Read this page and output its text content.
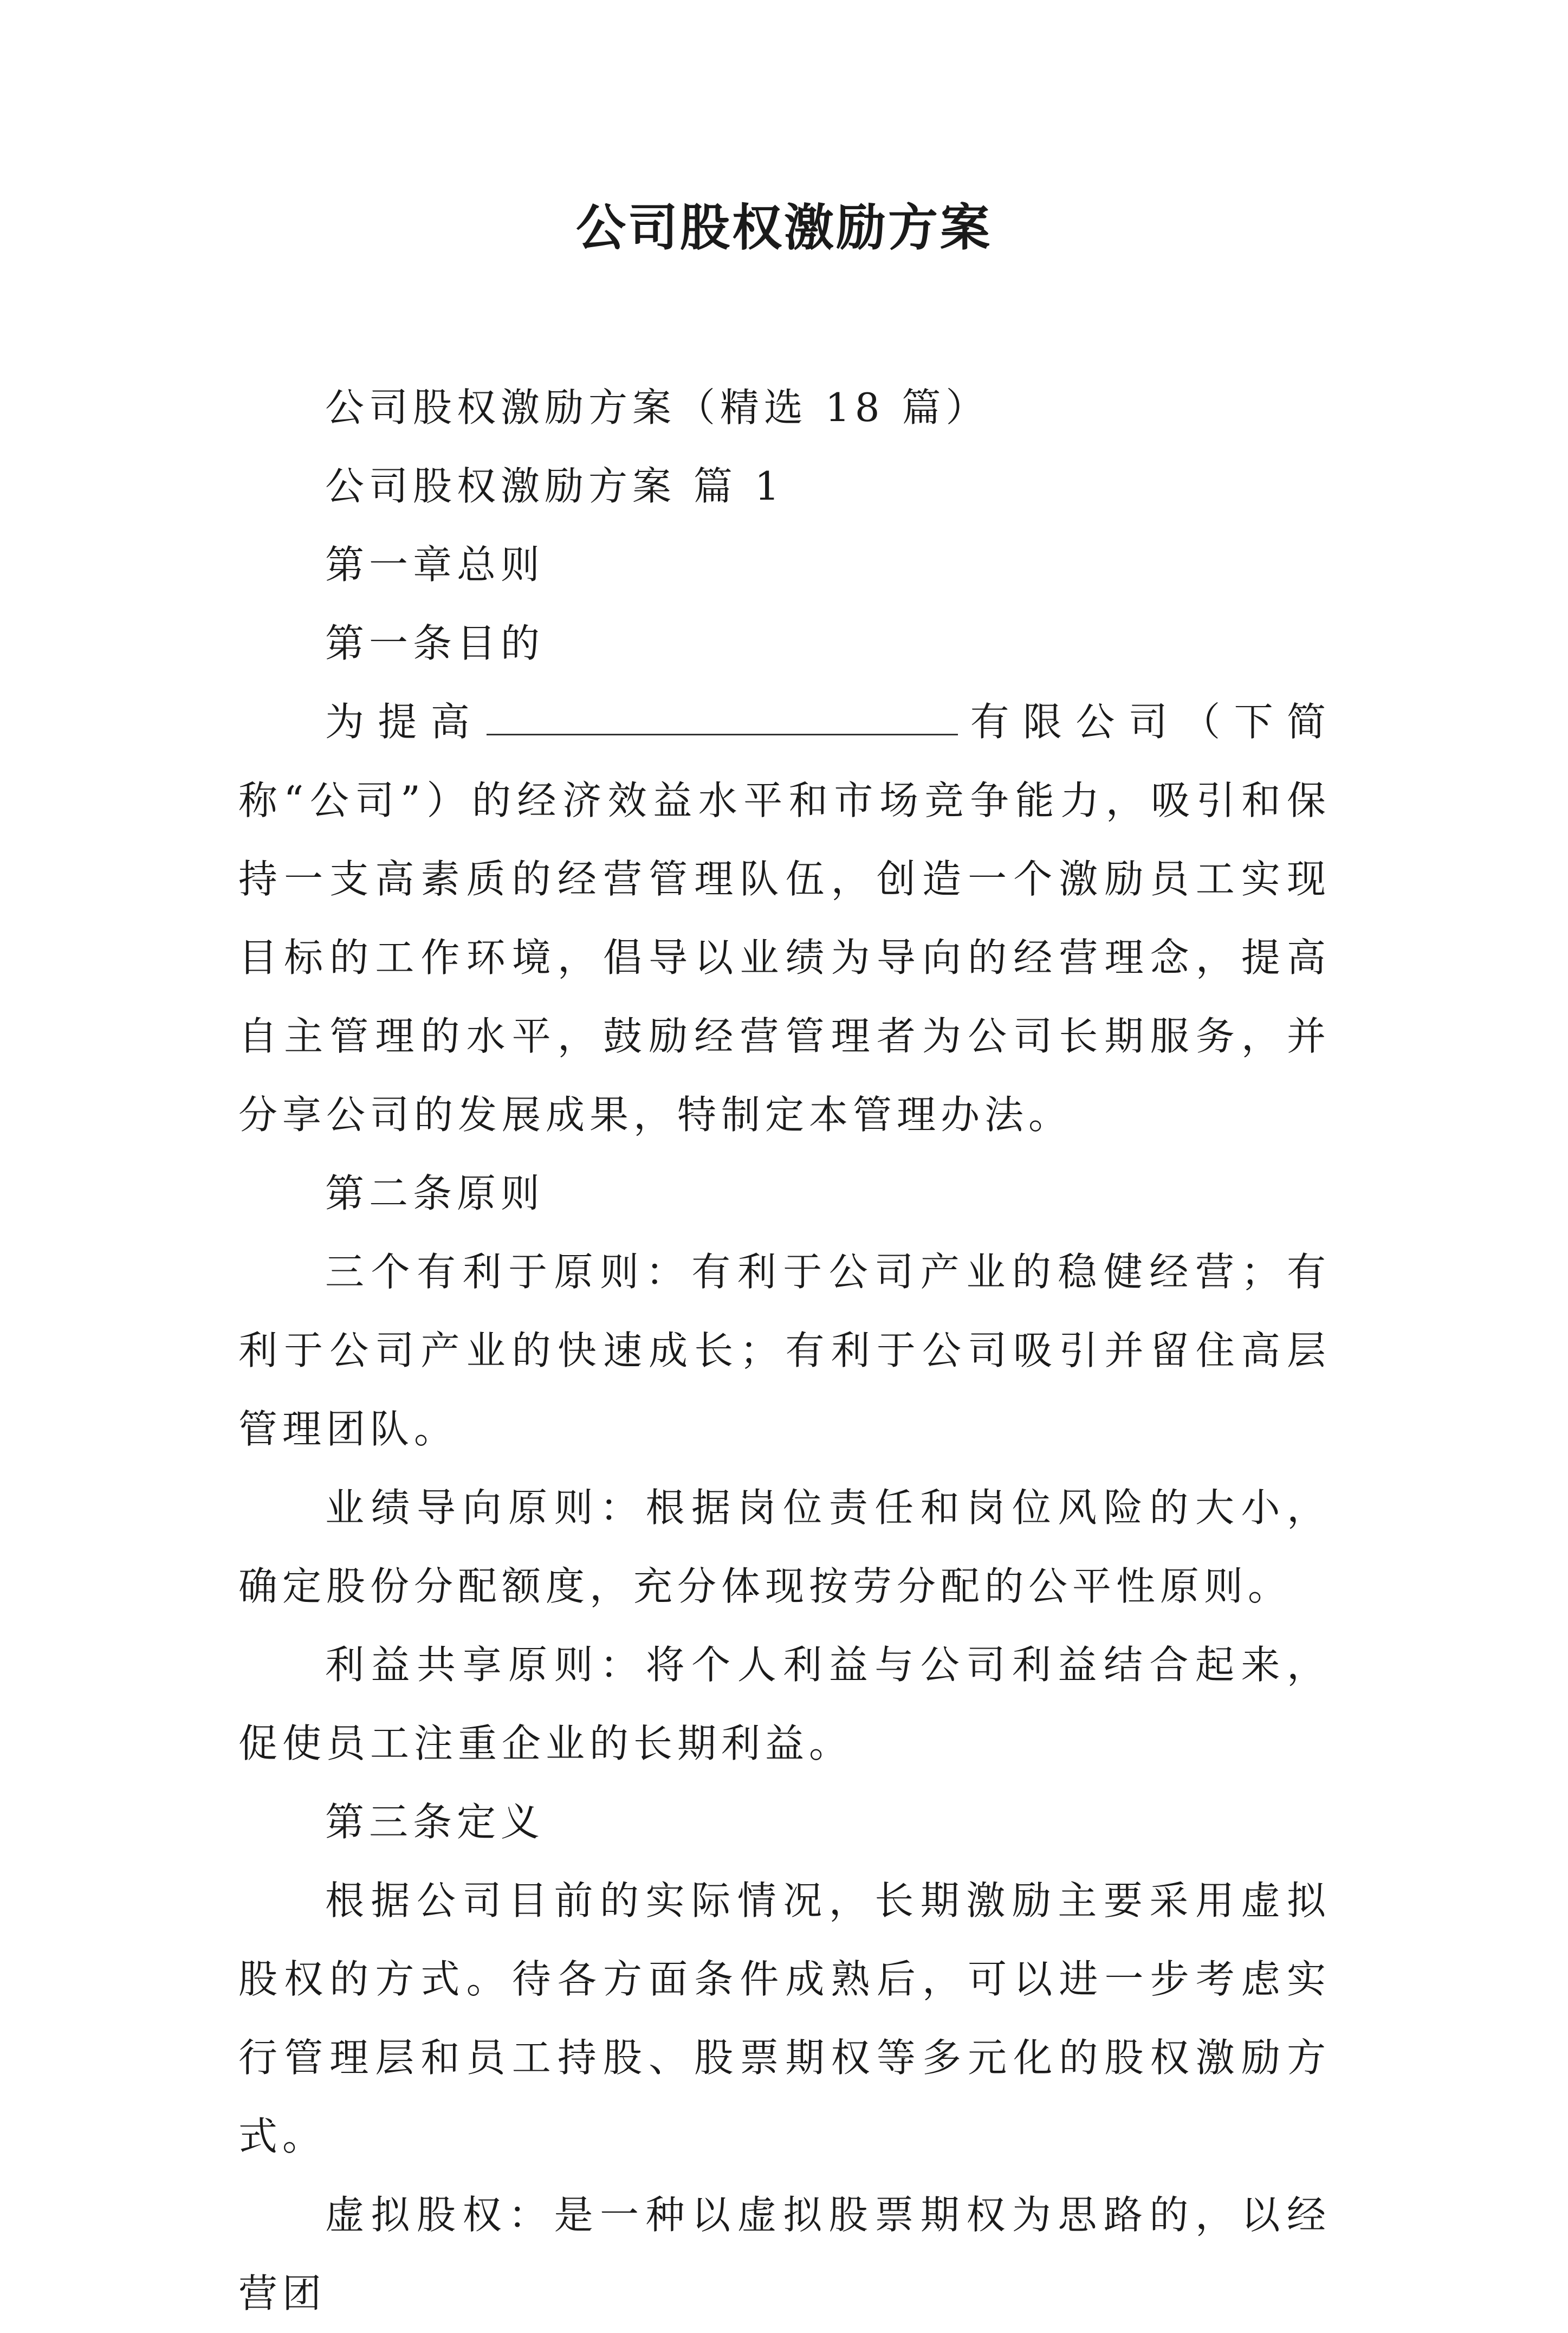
公司股权激励方案

公司股权激励方案（精选 18 篇）

公司股权激励方案 篇 1

第一章总则

第一条目的

为提高	有限公司（下简称“公司”）的经济效益水平和市场竞争能力，吸引和保持一支高素质的经营管理队伍，创造一个激励员工实现目标的工作环境，倡导以业绩为导向的经营理念，提高自主管理的水平，鼓励经营管理者为公司长期服务，并分享公司的发展成果，特制定本管理办法。

第二条原则

三个有利于原则：有利于公司产业的稳健经营；有利于公司产业的快速成长；有利于公司吸引并留住高层管理团队。

业绩导向原则：根据岗位责任和岗位风险的大小，确定股份分配额度，充分体现按劳分配的公平性原则。

利益共享原则：将个人利益与公司利益结合起来，促使员工注重企业的长期利益。

第三条定义

根据公司目前的实际情况，长期激励主要采用虚拟股权的方式。待各方面条件成熟后，可以进一步考虑实行管理层和员工持股、股票期权等多元化的股权激励方式。

虚拟股权：是一种以虚拟股票期权为思路的，以经营团
